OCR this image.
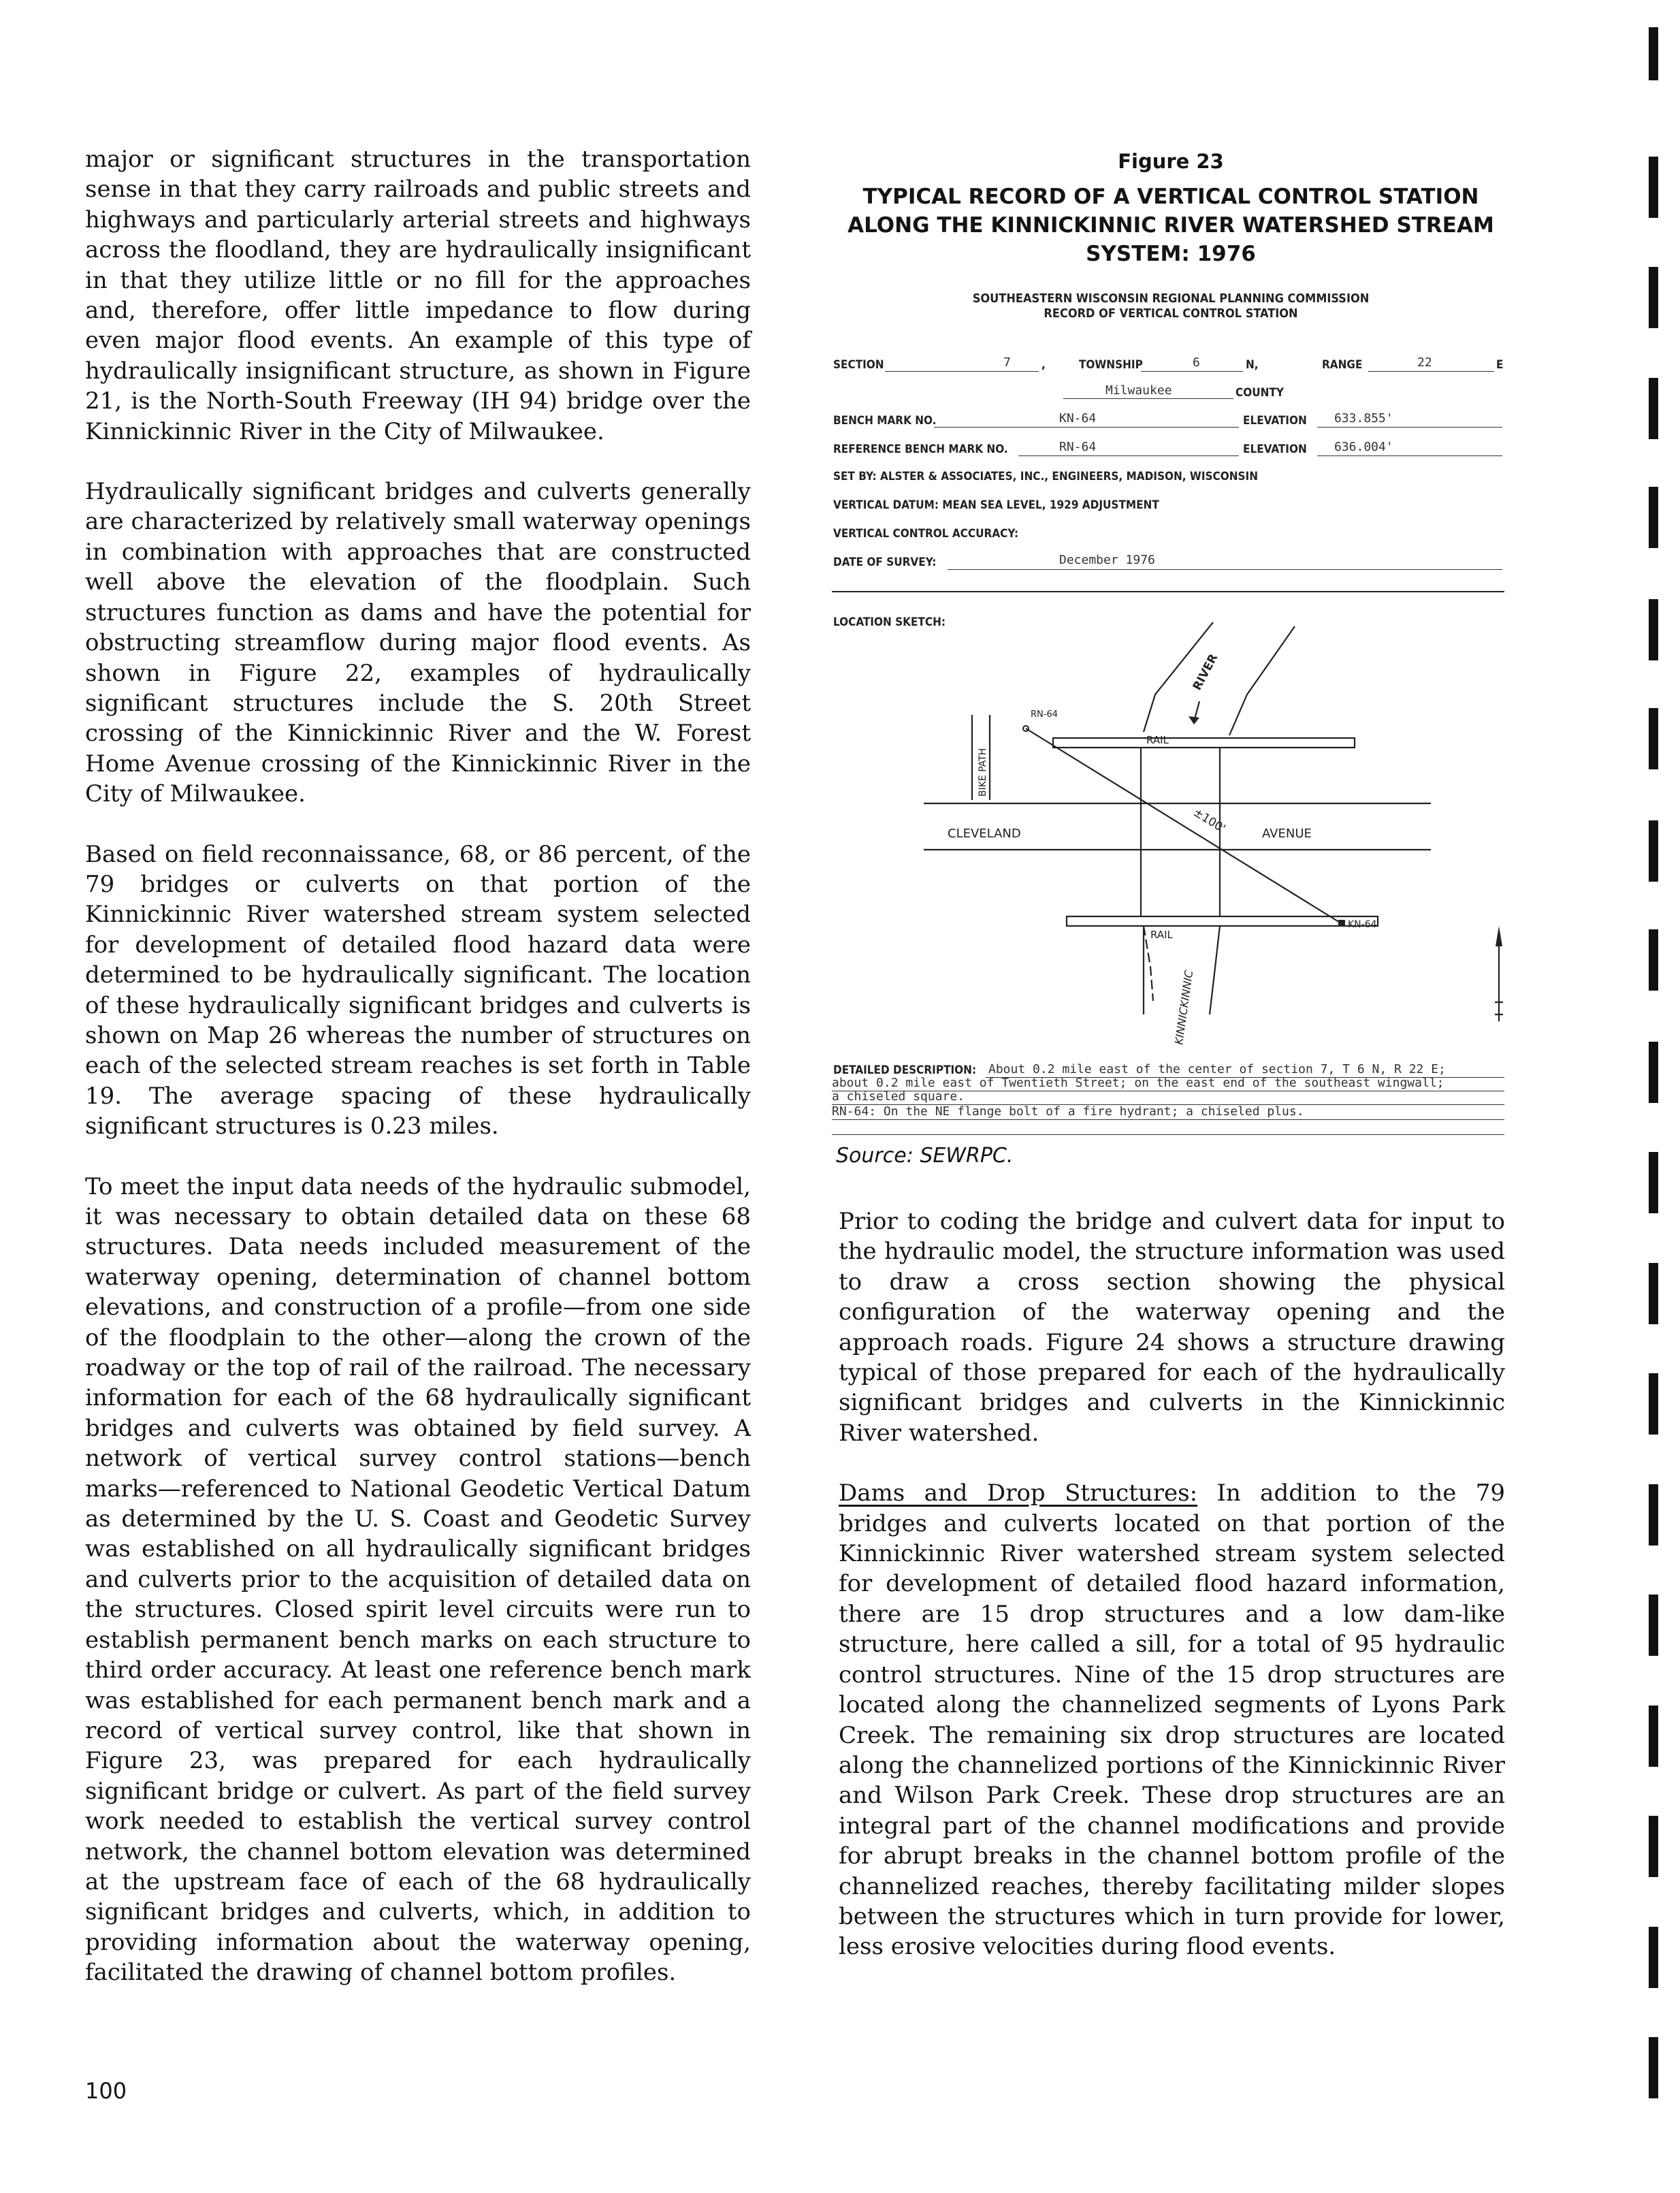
major or significant structures in the transportation sense in that they carry railroads and public streets and highways and particularly arterial streets and highways across the floodland, they are hydraulically insignificant in that they utilize little or no fill for the approaches and, therefore, offer little impedance to flow during even major flood events. An example of this type of hydraulically insignificant structure, as shown in Figure 21, is the North-South Freeway (IH 94) bridge over the Kinnickinnic River in the City of Milwaukee.

Hydraulically significant bridges and culverts generally are characterized by relatively small waterway openings in combination with approaches that are constructed well above the elevation of the floodplain. Such structures function as dams and have the potential for obstructing streamflow during major flood events. As shown in Figure 22, examples of hydraulically significant structures include the S. 20th Street crossing of the Kinnickinnic River and the W. Forest Home Avenue crossing of the Kinnickinnic River in the City of Milwaukee.

Based on field reconnaissance, 68, or 86 percent, of the 79 bridges or culverts on that portion of the Kinnickinnic River watershed stream system selected for development of detailed flood hazard data were determined to be hydraulically significant. The location of these hydraulically significant bridges and culverts is shown on Map 26 whereas the number of structures on each of the selected stream reaches is set forth in Table 19. The average spacing of these hydraulically significant structures is 0.23 miles.

To meet the input data needs of the hydraulic submodel, it was necessary to obtain detailed data on these 68 structures. Data needs included measurement of the waterway opening, determination of channel bottom elevations, and construction of a profile—from one side of the floodplain to the other—along the crown of the roadway or the top of rail of the railroad. The necessary information for each of the 68 hydraulically significant bridges and culverts was obtained by field survey. A network of vertical survey control stations—bench marks—referenced to National Geodetic Vertical Datum as determined by the U. S. Coast and Geodetic Survey was established on all hydraulically significant bridges and culverts prior to the acquisition of detailed data on the structures. Closed spirit level circuits were run to establish permanent bench marks on each structure to third order accuracy. At least one reference bench mark was established for each permanent bench mark and a record of vertical survey control, like that shown in Figure 23, was prepared for each hydraulically significant bridge or culvert. As part of the field survey work needed to establish the vertical survey control network, the channel bottom elevation was determined at the upstream face of each of the 68 hydraulically significant bridges and culverts, which, in addition to providing information about the waterway opening, facilitated the drawing of channel bottom profiles.

Figure 23
TYPICAL RECORD OF A VERTICAL CONTROL STATION ALONG THE KINNICKINNIC RIVER WATERSHED STREAM SYSTEM: 1976
SOUTHEASTERN WISCONSIN REGIONAL PLANNING COMMISSION
RECORD OF VERTICAL CONTROL STATION
SECTION	7	,	TOWNSHIP	6	N,	RANGE	22	E
Milwaukee	COUNTY
BENCH MARK NO.	KN-64	ELEVATION 633.855'
REFERENCE BENCH MARK NO.	RN-64	ELEVATION 636.004'
SET BY: ALSTER & ASSOCIATES, INC., ENGINEERS, MADISON, WISCONSIN
VERTICAL DATUM: MEAN SEA LEVEL, 1929 ADJUSTMENT
VERTICAL CONTROL ACCURACY:
DATE OF SURVEY:	December 1976
LOCATION SKETCH:
RIVER
RAIL
RN-64
BIKE PATH
±100'
CLEVELAND	AVENUE
KN-64
RAIL
KINNICKINNIC
DETAILED DESCRIPTION: About 0.2 mile east of the center of section 7, T 6 N, R 22 E;
about 0.2 mile east of Twentieth Street; on the east end of the southeast wingwall;
a chiseled square.
RN-64: On the NE flange bolt of a fire hydrant; a chiseled plus.
Source: SEWRPC.

Prior to coding the bridge and culvert data for input to the hydraulic model, the structure information was used to draw a cross section showing the physical configuration of the waterway opening and the approach roads. Figure 24 shows a structure drawing typical of those prepared for each of the hydraulically significant bridges and culverts in the Kinnickinnic River watershed.

Dams and Drop Structures: In addition to the 79 bridges and culverts located on that portion of the Kinnickinnic River watershed stream system selected for development of detailed flood hazard information, there are 15 drop structures and a low dam-like structure, here called a sill, for a total of 95 hydraulic control structures. Nine of the 15 drop structures are located along the channelized segments of Lyons Park Creek. The remaining six drop structures are located along the channelized portions of the Kinnickinnic River and Wilson Park Creek. These drop structures are an integral part of the channel modifications and provide for abrupt breaks in the channel bottom profile of the channelized reaches, thereby facilitating milder slopes between the structures which in turn provide for lower, less erosive velocities during flood events.

100
